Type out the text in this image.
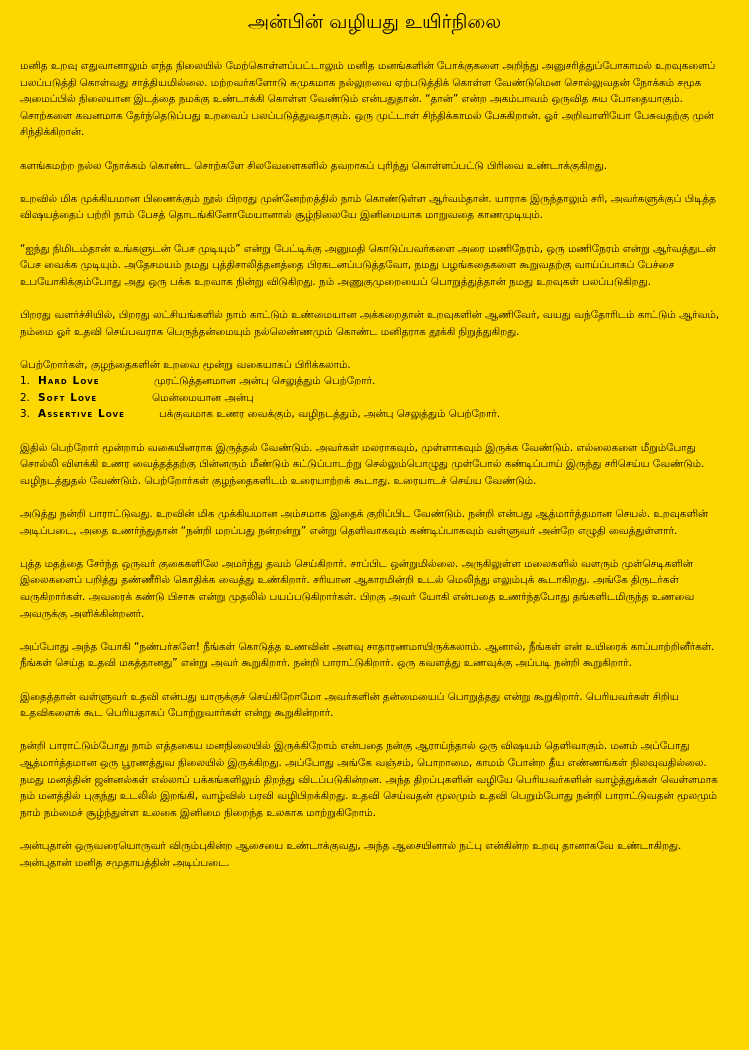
அன்பின் வழியது உயிர்நிலை

மனித உறவு எதுவானாலும் எந்த நிலையில் மேற்கொள்ளப்பட்டாலும் மனித மனங்களின் போக்குகளை அறிந்து அனுசரித்துப்போகாமல் உறவுகளைப் பலப்படுத்தி கொள்வது சாத்தியமில்லை. மற்றவர்களோடு சுமுகமாக நல்லுறவை ஏற்படுத்திக் கொள்ள வேண்டுமென சொல்லுவதன் நோக்கம் சமூக அமைப்பில் நிலையான இடத்தை நமக்கு உண்டாக்கி கொள்ள வேண்டும் என்பதுதான். “தான்” என்ற அகம்பாவம் ஒருவித சுய போதையாகும். சொற்களை கவனமாக தேர்ந்தெடுப்பது உறவைப் பலப்படுத்துவதாகும். ஒரு முட்டாள் சிந்திக்காமல் பேசுகிறான். ஓர் அறிவாளியோ பேசுவதற்கு முன் சிந்திக்கிறான்.

களங்கமற்ற நல்ல நோக்கம் கொண்ட சொற்களே சிலவேளைகளில் தவறாகப் புரிந்து கொள்ளப்பட்டு பிரிவை உண்டாக்குகிறது.

உறவில் மிக முக்கியமான பிணைக்கும் நூல் பிறரது முன்னேற்றத்தில் நாம் கொண்டுள்ள ஆர்வம்தான். யாராக இருந்தாலும் சரி, அவர்களுக்குப் பிடித்த விஷயத்தைப் பற்றி நாம் பேசத் தொடங்கினோமேயானால் சூழ்நிலையே இனிமையாக மாறுவதை காணமுடியும்.

“ஐந்து நிமிடம்தான் உங்களுடன் பேச முடியும்” என்று பேட்டிக்கு அனுமதி கொடுப்பவர்களை அரை மணிநேரம், ஒரு மணிநேரம் என்று ஆர்வத்துடன் பேச வைக்க முடியும். அதேசமயம் நமது புத்திசாலித்தனத்தை பிரகடனப்படுத்தவோ, நமது பழங்கதைகளை கூறுவதற்கு வாய்ப்பாகப் பேச்சை உபயோகிக்கும்போது அது ஒரு பக்க உறவாக நின்று விடுகிறது. நம் அணுகுமுறையைப் பொறுத்துத்தான் நமது உறவுகள் பலப்படுகிறது.

பிறரது வளர்ச்சியில், பிறரது லட்சியங்களில் நாம் காட்டும் உண்மையான அக்கறைதான் உறவுகளின் ஆணிவேர், வயது வந்தோரிடம் காட்டும் ஆர்வம், நம்மை ஓர் உதவி செய்பவராக பெருந்தன்மையும் நல்லெண்ணமும் கொண்ட மனிதராக தூக்கி நிறுத்துகிறது.

பெற்றோர்கள், குழந்தைகளின் உறவை மூன்று வகையாகப் பிரிக்கலாம்.
1. Hard Love	முரட்டுத்தனமான அன்பு செலுத்தும் பெற்றோர்.
2. Soft Love	மென்மையான அன்பு
3. Assertive Love	பக்குவமாக உணர வைக்கும், வழிநடத்தும், அன்பு செலுத்தும் பெற்றோர்.

இதில் பெற்றோர் மூன்றாம் வகையினராக இருத்தல் வேண்டும். அவர்கள் மலராகவும், முள்ளாகவும் இருக்க வேண்டும். எல்லைகளை மீறும்போது சொல்லி விளக்கி உணர வைத்தத்தற்கு பின்னரும் மீண்டும் கட்டுப்பாடற்று செல்லும்பொழுது முள்போல் கண்டிப்பாய் இருந்து சரிசெய்ய வேண்டும். வழிநடத்துதல் வேண்டும். பெற்றோர்கள் குழந்தைகளிடம் உரையாற்றக் கூடாது. உரையாடச் செய்ய வேண்டும்.

அடுத்து நன்றி பாராட்டுவது. உறவின் மிக முக்கியமான அம்சமாக இதைக் குறிப்பிட வேண்டும். நன்றி என்பது ஆத்மார்த்தமான செயல். உறவுகளின் அடிப்படை, அதை உணர்ந்துதான் “நன்றி மறப்பது நன்றன்று” என்று தெளிவாகவும் கண்டிப்பாகவும் வள்ளுவர் அன்றே எழுதி வைத்துள்ளார்.

புத்த மதத்தை சேர்ந்த ஒருவர் குகைகளிலே அமர்ந்து தவம் செய்கிறார். சாப்பிட ஒன்றுமில்லை. அருகிலுள்ள மலைகளில் வளரும் முள்செடிகளின் இலைகளைப் பறித்து தண்ணீரில் கொதிக்க வைத்து உண்கிறார். சரியான ஆகாரமின்றி உடல் மெலிந்து எலும்புக் கூடாகிறது. அங்கே திருடர்கள் வருகிறார்கள். அவரைக் கண்டு பிசாசு என்று முதலில் பயப்படுகிறார்கள். பிறகு அவர் யோகி என்பதை உணர்ந்தபோது தங்களிடமிருந்த உணவை அவருக்கு அளிக்கின்றனர்.

அப்போது அந்த யோகி “நண்பர்களே! நீங்கள் கொடுத்த உணவின் அளவு சாதாரணமாயிருக்கலாம். ஆனால், நீங்கள் என் உயிரைக் காப்பாற்றினீர்கள். நீங்கள் செய்த உதவி மகத்தானது” என்று அவர் கூறுகிறார். நன்றி பாராட்டுகிறார். ஒரு கவளத்து உணவுக்கு அப்படி நன்றி கூறுகிறார்.

இதைத்தான் வள்ளுவர் உதவி என்பது யாருக்குச் செய்கிறோமோ அவர்களின் தன்மையைப் பொறுத்தது என்று கூறுகிறார். பெரியவர்கள் சிறிய உதவிகளைக் கூட பெரியதாகப் போற்றுவார்கள் என்று கூறுகின்றார்.

நன்றி பாராட்டும்போது நாம் எத்தகைய மனநிலையில் இருக்கிறோம் என்பதை நன்கு ஆராய்ந்தால் ஒரு விஷயம் தெளிவாகும். மனம் அப்போது ஆத்மார்த்தமான ஒரு பூரணத்துவ நிலையில் இருக்கிறது. அப்போது அங்கே வஞ்சம், பொறாமை, காமம் போன்ற தீய எண்ணங்கள் நிலவுவதில்லை. நமது மனத்தின் ஜன்னல்கள் எல்லாப் பக்கங்களிலும் திறந்து விடப்படுகின்றன. அந்த திறப்புகளின் வழியே பெரியவர்களின் வாழ்த்துக்கள் வெள்ளமாக நம் மனத்தில் புகுந்து உடலில் இறங்கி, வாழ்வில் பரவி வழிபிறக்கிறது. உதவி செய்வதன் மூலமும் உதவி பெறும்போது நன்றி பாராட்டுவதன் மூலமும் நாம் நம்மைச் சூழ்ந்துள்ள உலகை இனிமை நிறைந்த உலகாக மாற்றுகிறோம்.

அன்புதான் ஒருவரையொருவர் விரும்புகின்ற ஆசையை உண்டாக்குவது, அந்த ஆசையினால் நட்பு என்கின்ற உறவு தானாகவே உண்டாகிறது. அன்புதான் மனித சமுதாயத்தின் அடிப்படை.
